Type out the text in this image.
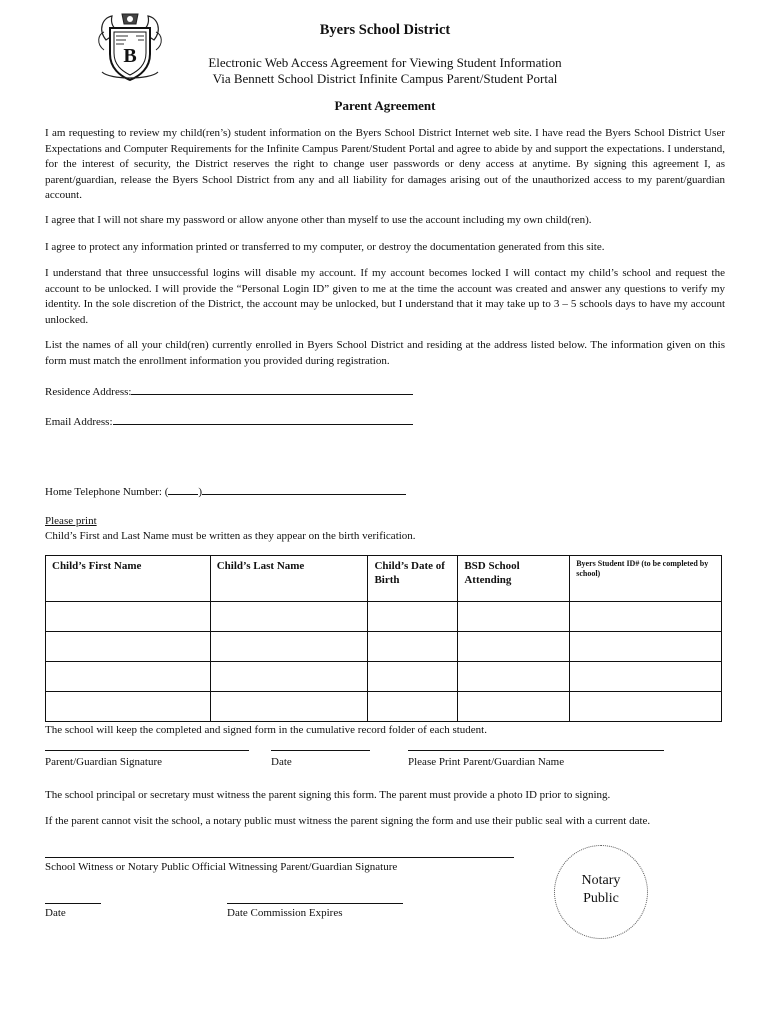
B
Byers School District
Electronic Web Access Agreement for Viewing Student Information
Via Bennett School District Infinite Campus Parent/Student Portal
Parent Agreement
I am requesting to review my child(ren’s) student information on the Byers School District Internet web site. I have read the Byers School District User Expectations and Computer Requirements for the Infinite Campus Parent/Student Portal and agree to abide by and support the expectations. I understand, for the interest of security, the District reserves the right to change user passwords or deny access at anytime. By signing this agreement I, as parent/guardian, release the Byers School District from any and all liability for damages arising out of the unauthorized access to my parent/guardian account.
I agree that I will not share my password or allow anyone other than myself to use the account including my own child(ren).
I agree to protect any information printed or transferred to my computer, or destroy the documentation generated from this site.
I understand that three unsuccessful logins will disable my account. If my account becomes locked I will contact my child’s school and request the account to be unlocked. I will provide the “Personal Login ID” given to me at the time the account was created and answer any questions to verify my identity. In the sole discretion of the District, the account may be unlocked, but I understand that it may take up to 3 – 5 schools days to have my account unlocked.
List the names of all your child(ren) currently enrolled in Byers School District and residing at the address listed below. The information given on this form must match the enrollment information you provided during registration.
Residence Address:
Email Address:
Home Telephone Number: (	)
Please print
Child’s First and Last Name must be written as they appear on the birth verification.
Child’s First Name	Child’s Last Name	Child’s Date of Birth	BSD School Attending	Byers Student ID# (to be completed by school)

The school will keep the completed and signed form in the cumulative record folder of each student.
Parent/Guardian Signature	Date	Please Print Parent/Guardian Name
The school principal or secretary must witness the parent signing this form. The parent must provide a photo ID prior to signing.
If the parent cannot visit the school, a notary public must witness the parent signing the form and use their public seal with a current date.
School Witness or Notary Public Official Witnessing Parent/Guardian Signature
Date	Date Commission Expires
Notary
Public
